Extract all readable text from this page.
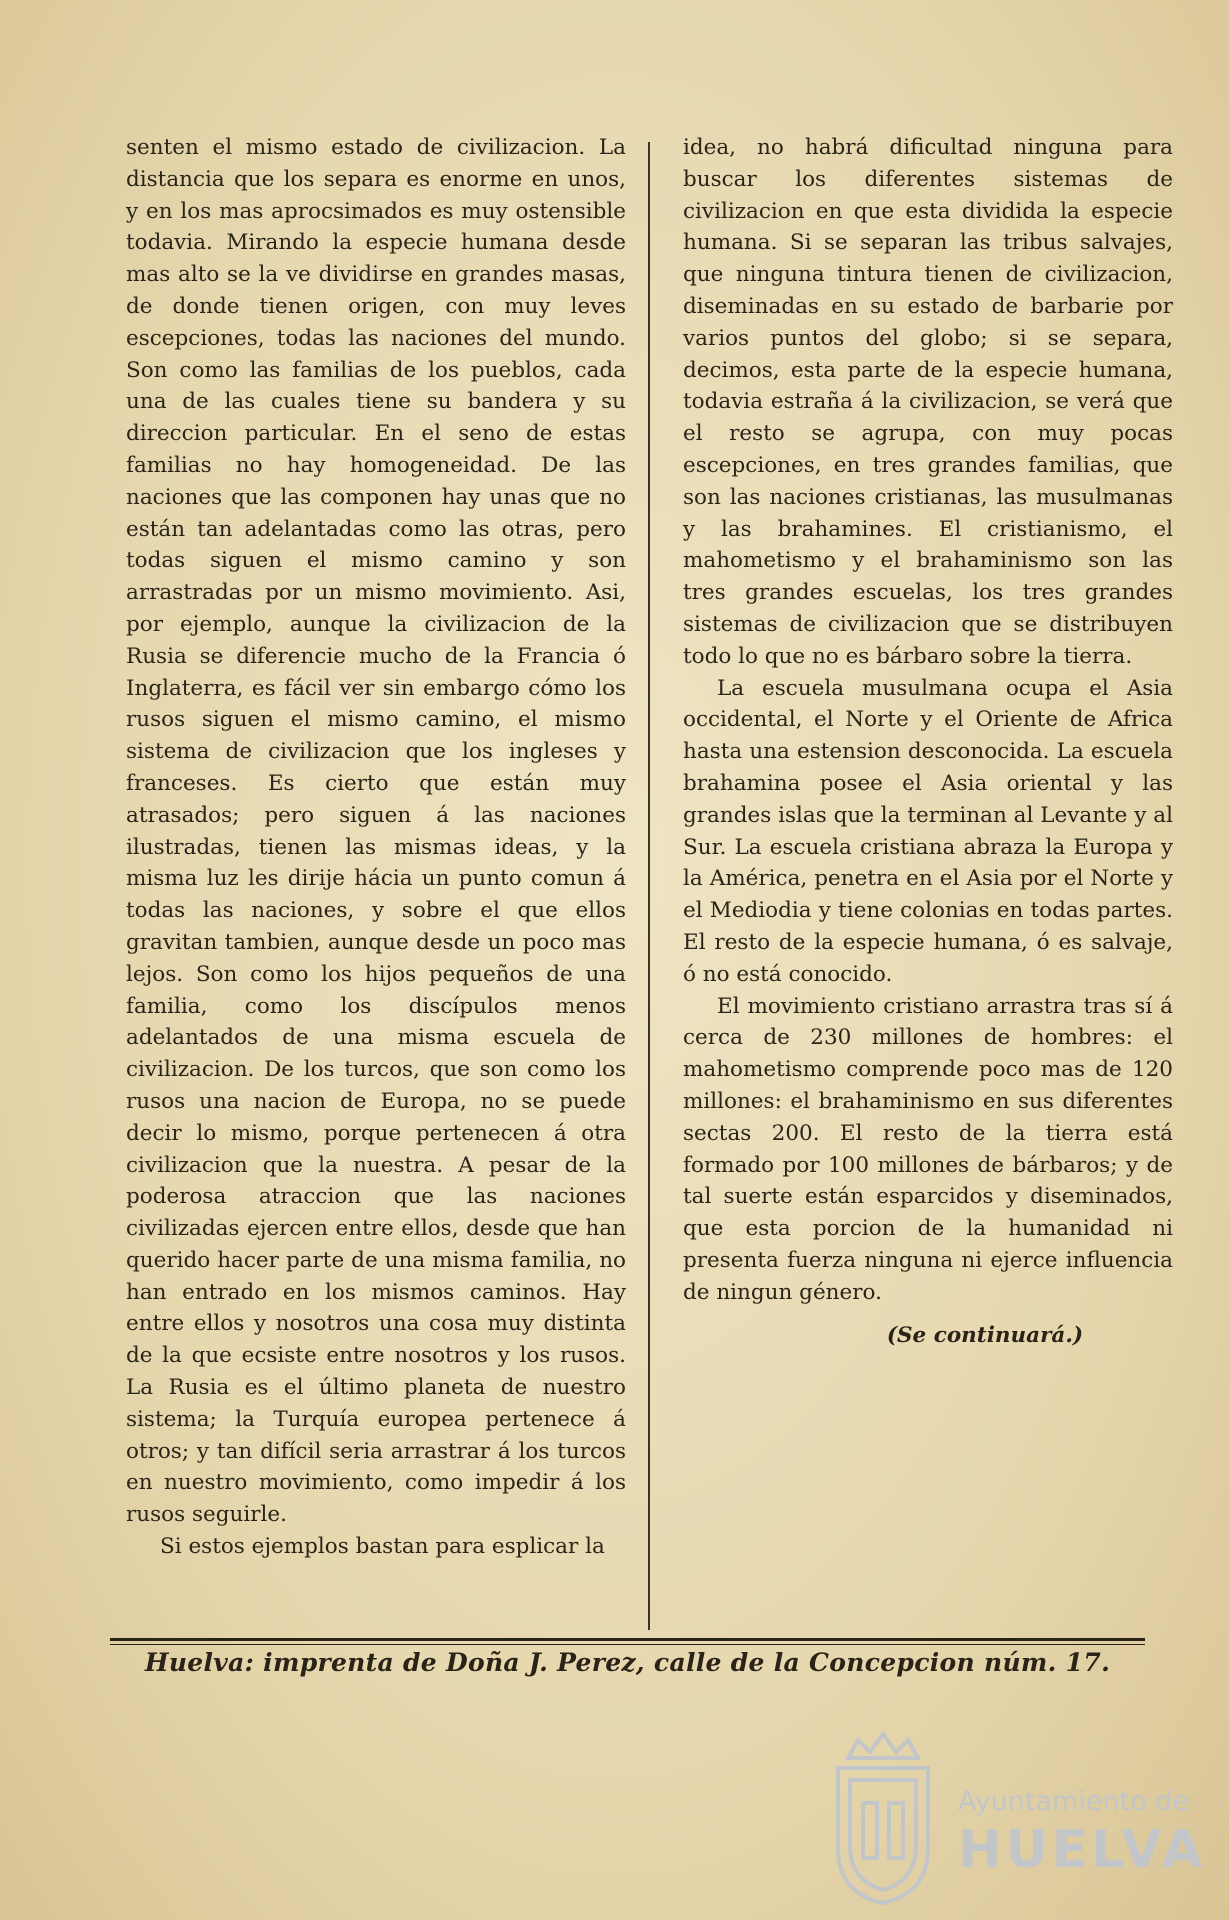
senten el mismo estado de civilizacion. La distancia que los separa es enorme en unos, y en los mas aprocsimados es muy ostensible todavia. Mirando la especie humana desde mas alto se la ve dividirse en grandes masas, de donde tienen origen, con muy leves escepciones, todas las naciones del mundo. Son como las familias de los pueblos, cada una de las cuales tiene su bandera y su direccion particular. En el seno de estas familias no hay homogeneidad. De las naciones que las componen hay unas que no están tan adelantadas como las otras, pero todas siguen el mismo camino y son arrastradas por un mismo movimiento. Asi, por ejemplo, aunque la civilizacion de la Rusia se diferencie mucho de la Francia ó Inglaterra, es fácil ver sin embargo cómo los rusos siguen el mismo camino, el mismo sistema de civilizacion que los ingleses y franceses. Es cierto que están muy atrasados; pero siguen á las naciones ilustradas, tienen las mismas ideas, y la misma luz les dirije hácia un punto comun á todas las naciones, y sobre el que ellos gravitan tambien, aunque desde un poco mas lejos. Son como los hijos pequeños de una familia, como los discípulos menos adelantados de una misma escuela de civilizacion. De los turcos, que son como los rusos una nacion de Europa, no se puede decir lo mismo, porque pertenecen á otra civilizacion que la nuestra. A pesar de la poderosa atraccion que las naciones civilizadas ejercen entre ellos, desde que han querido hacer parte de una misma familia, no han entrado en los mismos caminos. Hay entre ellos y nosotros una cosa muy distinta de la que ecsiste entre nosotros y los rusos. La Rusia es el último planeta de nuestro sistema; la Turquía europea pertenece á otros; y tan difícil seria arrastrar á los turcos en nuestro movimiento, como impedir á los rusos seguirle.

Si estos ejemplos bastan para esplicar la

idea, no habrá dificultad ninguna para buscar los diferentes sistemas de civilizacion en que esta dividida la especie humana. Si se separan las tribus salvajes, que ninguna tintura tienen de civilizacion, diseminadas en su estado de barbarie por varios puntos del globo; si se separa, decimos, esta parte de la especie humana, todavia estraña á la civilizacion, se verá que el resto se agrupa, con muy pocas escepciones, en tres grandes familias, que son las naciones cristianas, las musulmanas y las brahamines. El cristianismo, el mahometismo y el brahaminismo son las tres grandes escuelas, los tres grandes sistemas de civilizacion que se distribuyen todo lo que no es bárbaro sobre la tierra.

La escuela musulmana ocupa el Asia occidental, el Norte y el Oriente de Africa hasta una estension desconocida. La escuela brahamina posee el Asia oriental y las grandes islas que la terminan al Levante y al Sur. La escuela cristiana abraza la Europa y la América, penetra en el Asia por el Norte y el Mediodia y tiene colonias en todas partes. El resto de la especie humana, ó es salvaje, ó no está conocido.

El movimiento cristiano arrastra tras sí á cerca de 230 millones de hombres: el mahometismo comprende poco mas de 120 millones: el brahaminismo en sus diferentes sectas 200. El resto de la tierra está formado por 100 millones de bárbaros; y de tal suerte están esparcidos y diseminados, que esta porcion de la humanidad ni presenta fuerza ninguna ni ejerce influencia de ningun género.

(Se continuará.)
Huelva: imprenta de Doña J. Perez, calle de la Concepcion núm. 17.
Ayuntamiento de
HUELVA
